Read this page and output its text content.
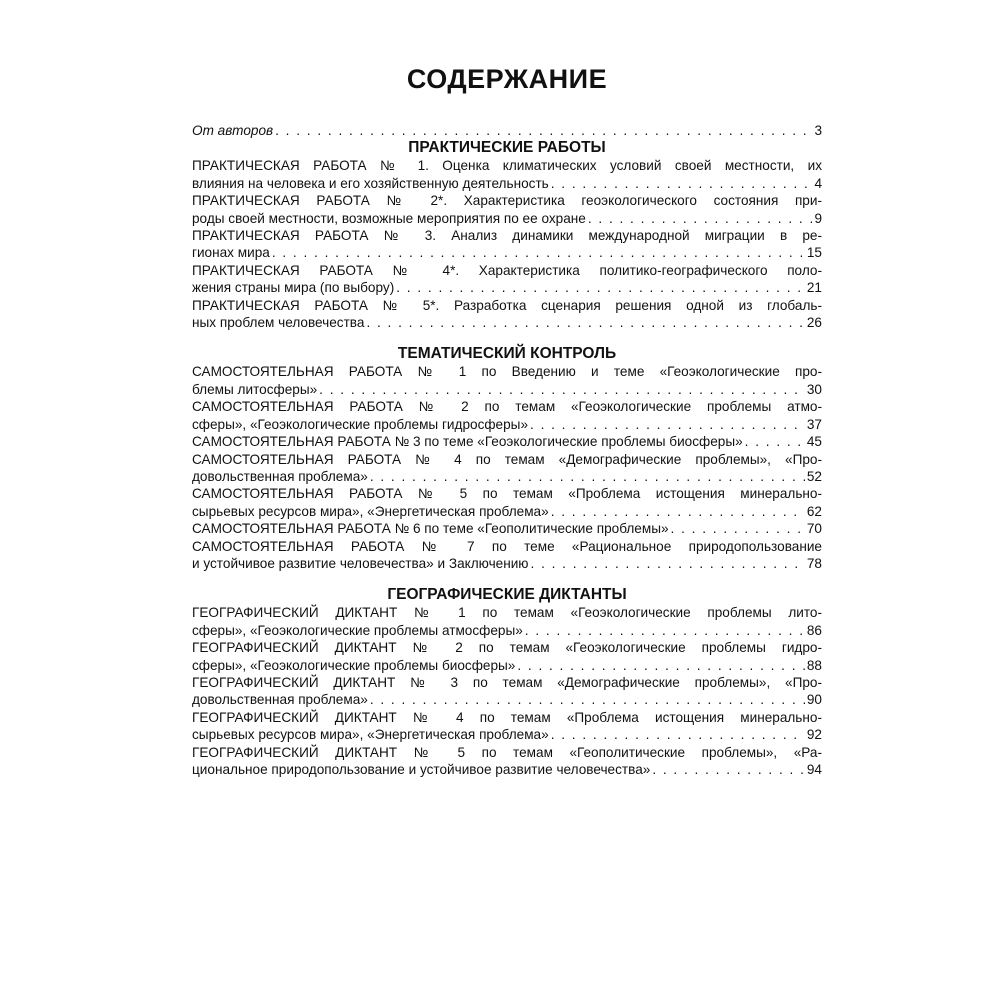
СОДЕРЖАНИЕ
От авторов . . .	3
ПРАКТИЧЕСКИЕ РАБОТЫ
ПРАКТИЧЕСКАЯ РАБОТА № 1. Оценка климатических условий своей местности, их
влияния на человека и его хозяйственную деятельность . . .	4
ПРАКТИЧЕСКАЯ РАБОТА № 2*. Характеристика геоэкологического состояния при-
роды своей местности, возможные мероприятия по ее охране . . .	9
ПРАКТИЧЕСКАЯ РАБОТА № 3. Анализ динамики международной миграции в ре-
гионах мира . . .	15
ПРАКТИЧЕСКАЯ РАБОТА № 4*. Характеристика политико-географического поло-
жения страны мира (по выбору) . . .	21
ПРАКТИЧЕСКАЯ РАБОТА № 5*. Разработка сценария решения одной из глобаль-
ных проблем человечества . . .	26
ТЕМАТИЧЕСКИЙ КОНТРОЛЬ
САМОСТОЯТЕЛЬНАЯ РАБОТА № 1 по Введению и теме «Геоэкологические про-
блемы литосферы» . . .	30
САМОСТОЯТЕЛЬНАЯ РАБОТА № 2 по темам «Геоэкологические проблемы атмо-
сферы», «Геоэкологические проблемы гидросферы» . . .	37
САМОСТОЯТЕЛЬНАЯ РАБОТА № 3 по теме «Геоэкологические проблемы биосферы» . . .	45
САМОСТОЯТЕЛЬНАЯ РАБОТА № 4 по темам «Демографические проблемы», «Про-
довольственная проблема» . . .	52
САМОСТОЯТЕЛЬНАЯ РАБОТА № 5 по темам «Проблема истощения минерально-
сырьевых ресурсов мира», «Энергетическая проблема» . . .	62
САМОСТОЯТЕЛЬНАЯ РАБОТА № 6 по теме «Геополитические проблемы» . . .	70
САМОСТОЯТЕЛЬНАЯ РАБОТА № 7 по теме «Рациональное природопользование
и устойчивое развитие человечества» и Заключению . . .	78
ГЕОГРАФИЧЕСКИЕ ДИКТАНТЫ
ГЕОГРАФИЧЕСКИЙ ДИКТАНТ № 1 по темам «Геоэкологические проблемы лито-
сферы», «Геоэкологические проблемы атмосферы» . . .	86
ГЕОГРАФИЧЕСКИЙ ДИКТАНТ № 2 по темам «Геоэкологические проблемы гидро-
сферы», «Геоэкологические проблемы биосферы» . . .	88
ГЕОГРАФИЧЕСКИЙ ДИКТАНТ № 3 по темам «Демографические проблемы», «Про-
довольственная проблема» . . .	90
ГЕОГРАФИЧЕСКИЙ ДИКТАНТ № 4 по темам «Проблема истощения минерально-
сырьевых ресурсов мира», «Энергетическая проблема» . . .	92
ГЕОГРАФИЧЕСКИЙ ДИКТАНТ № 5 по темам «Геополитические проблемы», «Ра-
циональное природопользование и устойчивое развитие человечества» . . .	94
